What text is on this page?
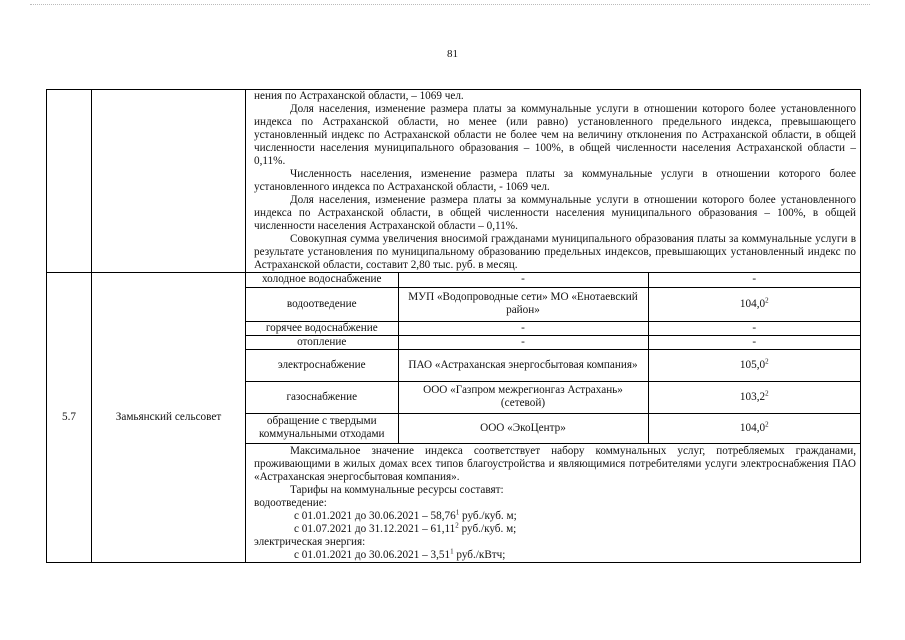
81

нения по Астраханской области, – 1069 чел.

Доля населения, изменение размера платы за коммунальные услуги в отношении которого более установленного индекса по Астраханской области, но менее (или равно) установленного предельного индекса, превышающего установленный индекс по Астраханской области не более чем на величину отклонения по Астраханской области, в общей численности населения муниципального образования – 100%, в общей численности населения Астраханской области – 0,11%.

Численность населения, изменение размера платы за коммунальные услуги в отношении которого более установленного индекса по Астраханской области, - 1069 чел.

Доля населения, изменение размера платы за коммунальные услуги в отношении которого более установленного индекса по Астраханской области, в общей численности населения муниципального образования – 100%, в общей численности населения Астраханской области – 0,11%.

Совокупная сумма увеличения вносимой гражданами муниципального образования платы за коммунальные услуги в результате установления по муниципальному образованию предельных индексов, превышающих установленный индекс по Астраханской области, составит 2,80 тыс. руб. в месяц.

5.7	Замьянский сельсовет	
холодное водоснабжение	-	-
водоотведение	МУП «Водопроводные сети» МО «Енотаевский район»	104,0$^2$
горячее водоснабжение	-	-
отопление	-	-
электроснабжение	ПАО «Астраханская энергосбытовая компания»	105,0$^2$
газоснабжение	ООО «Газпром межрегионгаз Астрахань» (сетевой)	103,2$^2$
обращение с твердыми коммунальными отходами	ООО «ЭкоЦентр»	104,0$^2$

Максимальное значение индекса соответствует набору коммунальных услуг, потребляемых гражданами, проживающими в жилых домах всех типов благоустройства и являющимися потребителями услуги электроснабжения ПАО «Астраханская энергосбытовая компания».

Тарифы на коммунальные ресурсы составят:

водоотведение:

с 01.01.2021 до 30.06.2021 – 58,76$^1$ руб./куб. м;

с 01.07.2021 до 31.12.2021 – 61,11$^2$ руб./куб. м;

электрическая энергия:

с 01.01.2021 до 30.06.2021 – 3,51$^1$ руб./кВтч;
